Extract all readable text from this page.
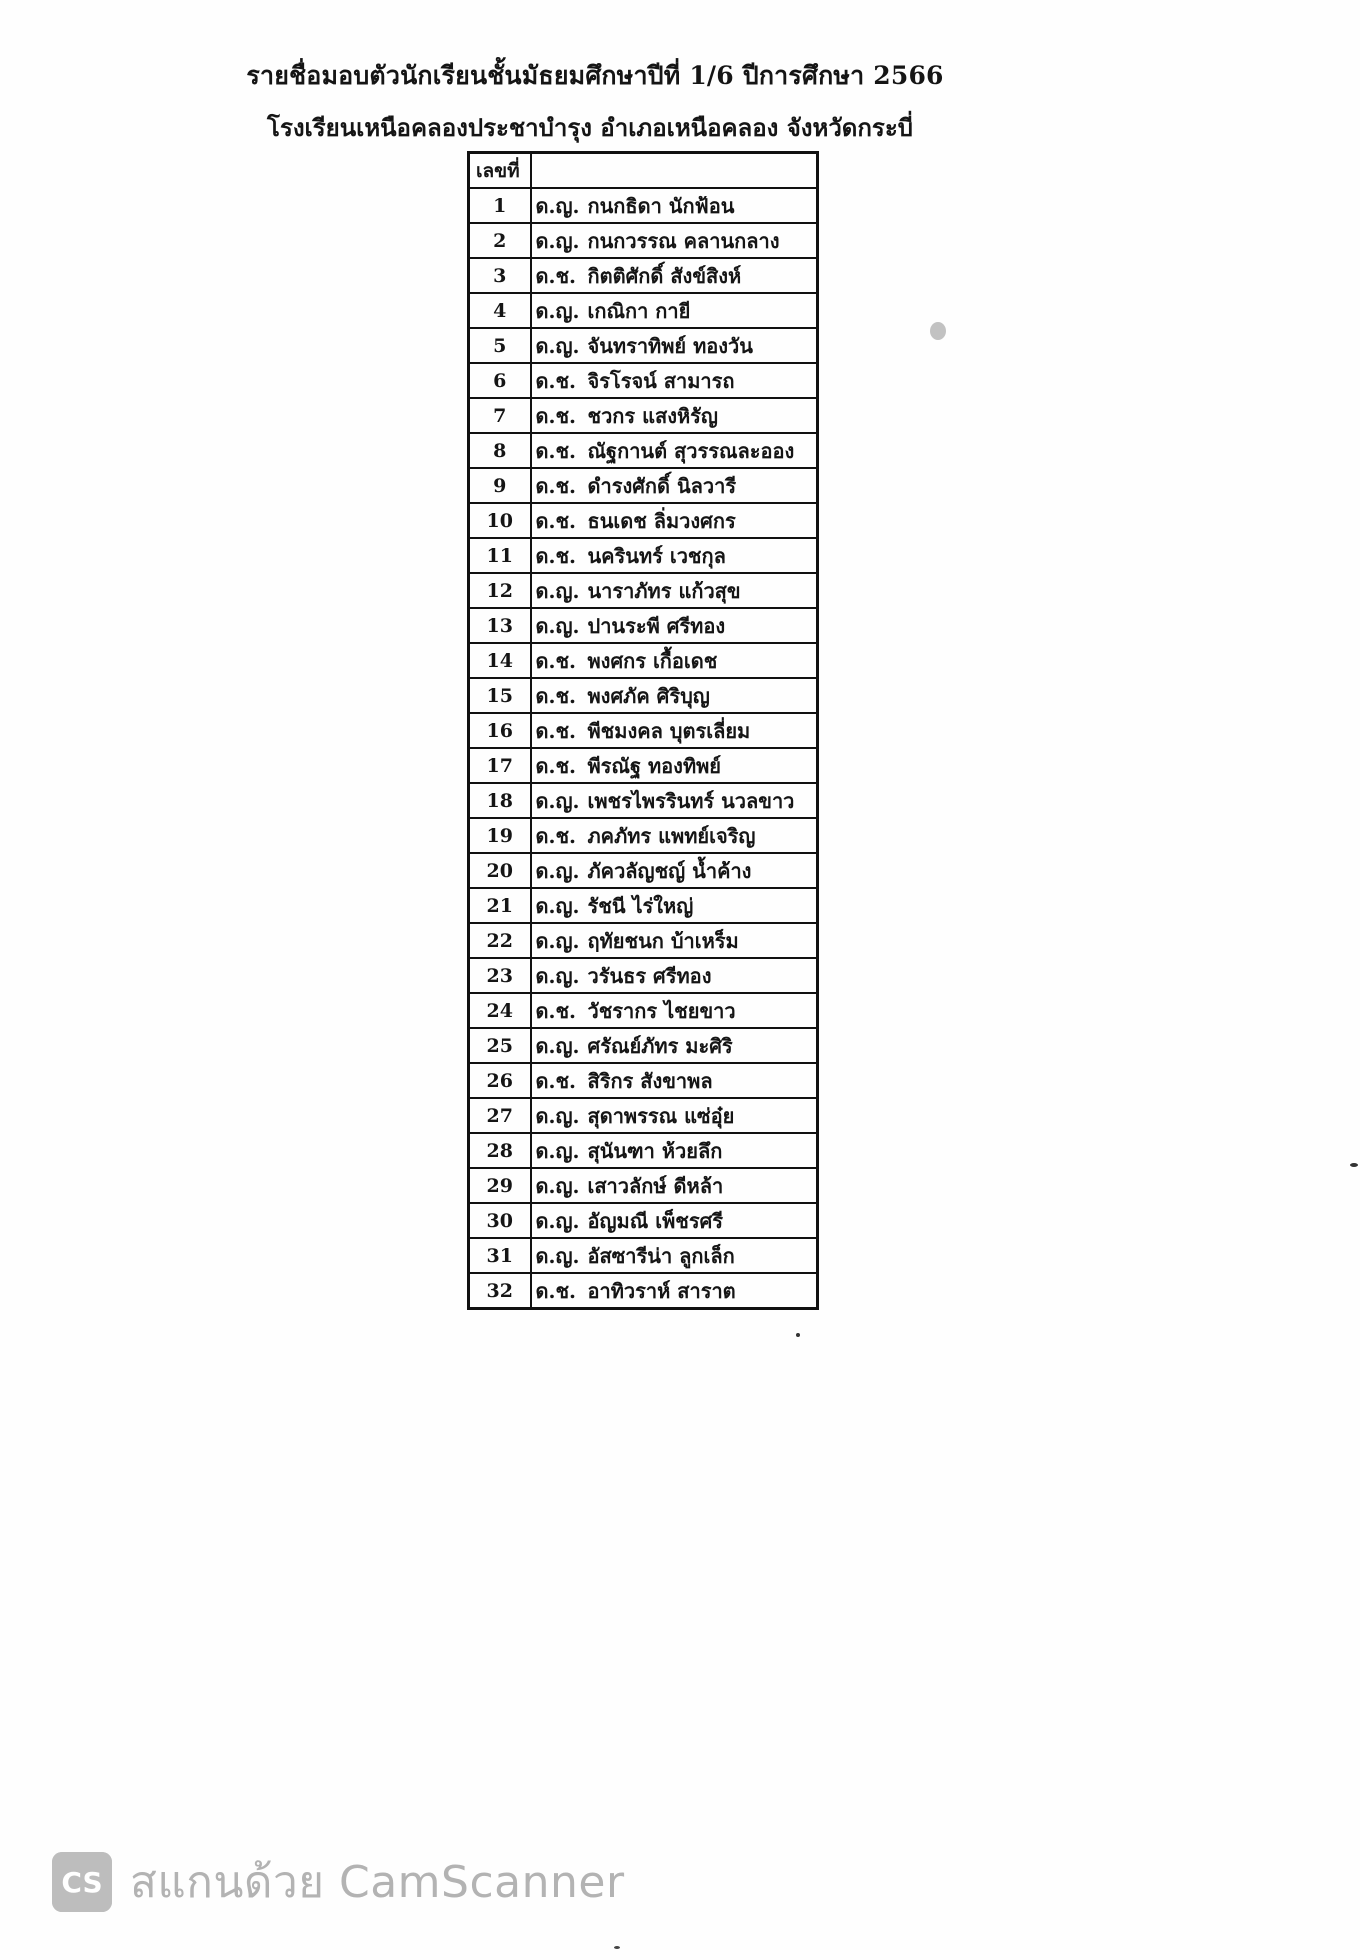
รายชื่อมอบตัวนักเรียนชั้นมัธยมศึกษาปีที่ 1/6 ปีการศึกษา 2566
โรงเรียนเหนือคลองประชาบำรุง อำเภอเหนือคลอง จังหวัดกระบี่
เลขที่	
1	ด.ญ. กนกธิดา นักฟ้อน
2	ด.ญ. กนกวรรณ คลานกลาง
3	ด.ช. กิตติศักดิ์ สังข์สิงห์
4	ด.ญ. เกณิกา กายี
5	ด.ญ. จันทราทิพย์ ทองวัน
6	ด.ช. จิรโรจน์ สามารถ
7	ด.ช. ชวกร แสงหิรัญ
8	ด.ช. ณัฐกานต์ สุวรรณละออง
9	ด.ช. ดำรงศักดิ์ นิลวารี
10	ด.ช. ธนเดช ลิ่มวงศกร
11	ด.ช. นครินทร์ เวชกุล
12	ด.ญ. นาราภัทร แก้วสุข
13	ด.ญ. ปานระพี ศรีทอง
14	ด.ช. พงศกร เกื้อเดช
15	ด.ช. พงศภัค ศิริบุญ
16	ด.ช. พีชมงคล บุตรเลี่ยม
17	ด.ช. พีรณัฐ ทองทิพย์
18	ด.ญ. เพชรไพรรินทร์ นวลขาว
19	ด.ช. ภคภัทร แพทย์เจริญ
20	ด.ญ. ภัควลัญชญ์ น้ำค้าง
21	ด.ญ. รัชนี ไร่ใหญ่
22	ด.ญ. ฤทัยชนก บ้าเหร็ม
23	ด.ญ. วรันธร ศรีทอง
24	ด.ช. วัชรากร ไชยขาว
25	ด.ญ. ศรัณย์ภัทร มะศิริ
26	ด.ช. สิริกร สังขาพล
27	ด.ญ. สุดาพรรณ แซ่อุ๋ย
28	ด.ญ. สุนันฑา ห้วยลึก
29	ด.ญ. เสาวลักษ์ ดีหล้า
30	ด.ญ. อัญมณี เพ็ชรศรี
31	ด.ญ. อัสซารีน่า ลูกเล็ก
32	ด.ช. อาทิวราห์ สาราต
CS สแกนด้วย CamScanner
